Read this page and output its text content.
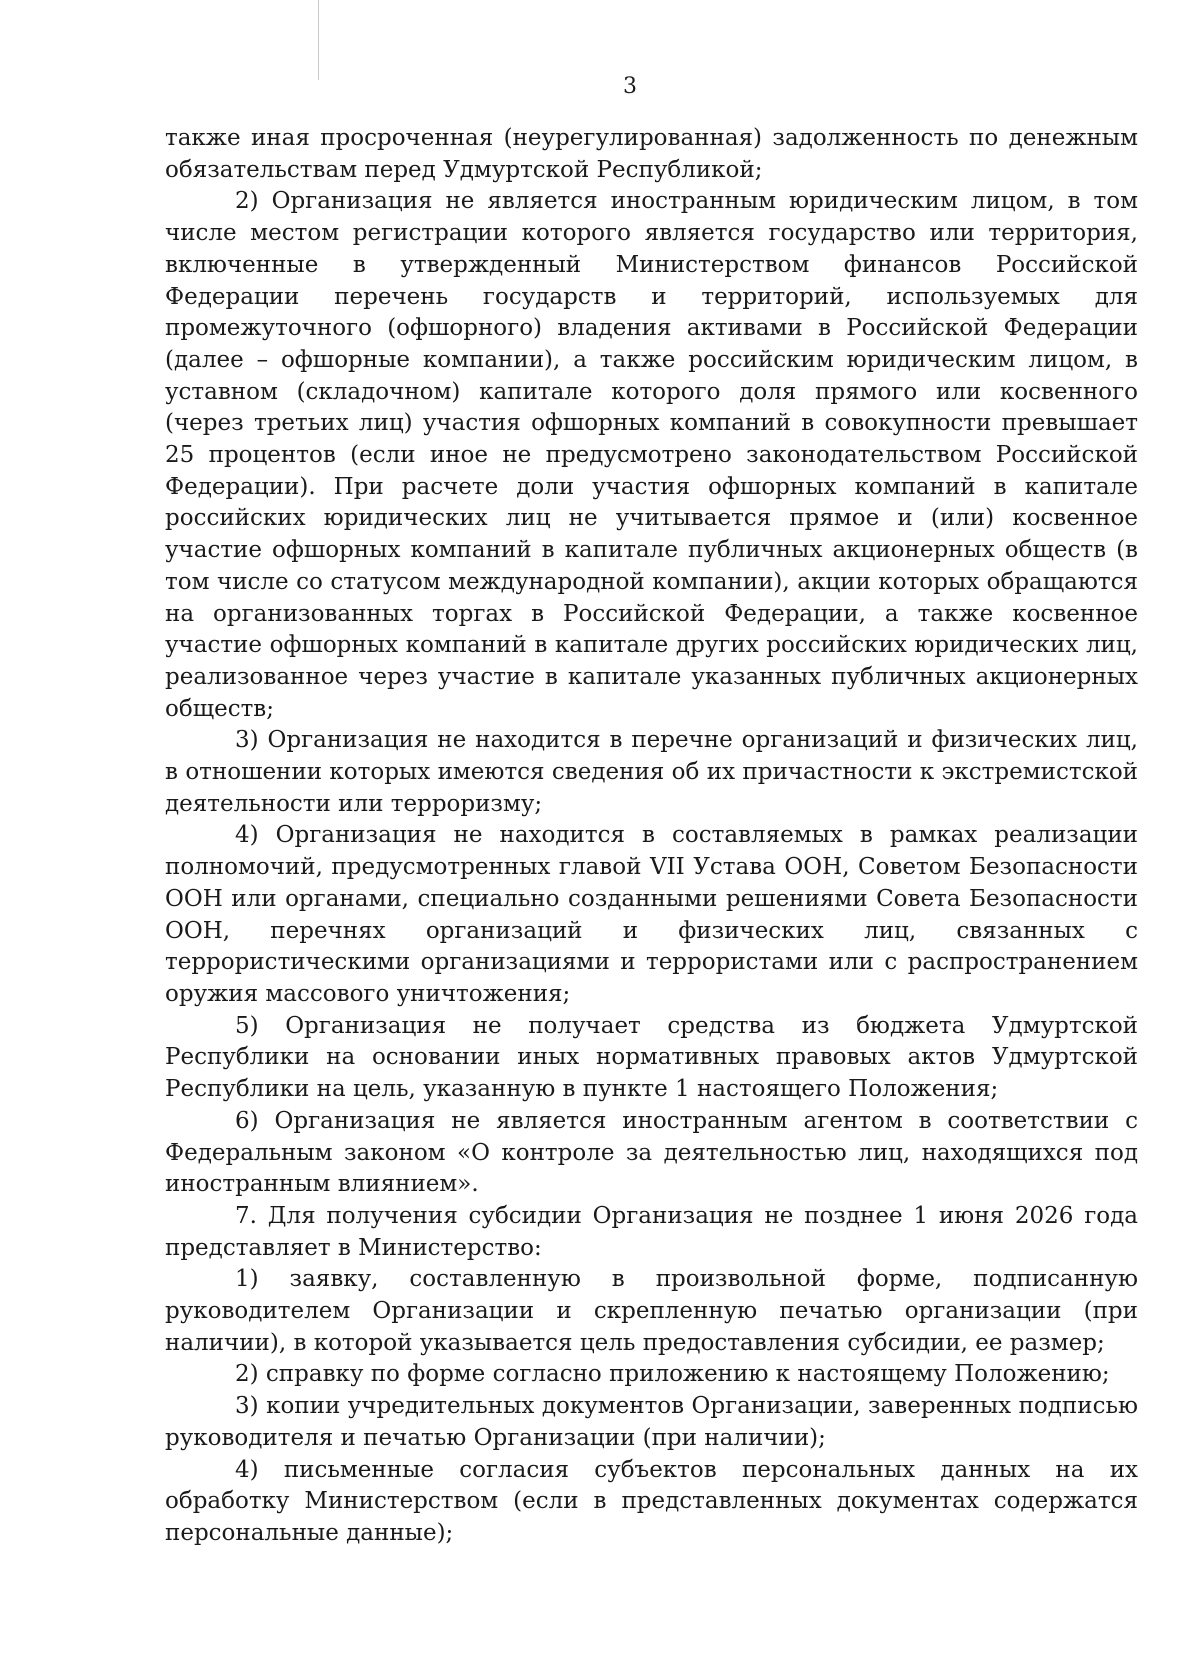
3

также иная просроченная (неурегулированная) задолженность по денежным обязательствам перед Удмуртской Республикой;

2) Организация не является иностранным юридическим лицом, в том числе местом регистрации которого является государство или территория, включенные в утвержденный Министерством финансов Российской Федерации перечень государств и территорий, используемых для промежуточного (офшорного) владения активами в Российской Федерации (далее – офшорные компании), а также российским юридическим лицом, в уставном (складочном) капитале которого доля прямого или косвенного (через третьих лиц) участия офшорных компаний в совокупности превышает 25 процентов (если иное не предусмотрено законодательством Российской Федерации). При расчете доли участия офшорных компаний в капитале российских юридических лиц не учитывается прямое и (или) косвенное участие офшорных компаний в капитале публичных акционерных обществ (в том числе со статусом международной компании), акции которых обращаются на организованных торгах в Российской Федерации, а также косвенное участие офшорных компаний в капитале других российских юридических лиц, реализованное через участие в капитале указанных публичных акционерных обществ;

3) Организация не находится в перечне организаций и физических лиц, в отношении которых имеются сведения об их причастности к экстремистской деятельности или терроризму;

4) Организация не находится в составляемых в рамках реализации полномочий, предусмотренных главой VII Устава ООН, Советом Безопасности ООН или органами, специально созданными решениями Совета Безопасности ООН, перечнях организаций и физических лиц, связанных с террористическими организациями и террористами или с распространением оружия массового уничтожения;

5) Организация не получает средства из бюджета Удмуртской Республики на основании иных нормативных правовых актов Удмуртской Республики на цель, указанную в пункте 1 настоящего Положения;

6) Организация не является иностранным агентом в соответствии с Федеральным законом «О контроле за деятельностью лиц, находящихся под иностранным влиянием».

7. Для получения субсидии Организация не позднее 1 июня 2026 года представляет в Министерство:

1) заявку, составленную в произвольной форме, подписанную руководителем Организации и скрепленную печатью организации (при наличии), в которой указывается цель предоставления субсидии, ее размер;

2) справку по форме согласно приложению к настоящему Положению;

3) копии учредительных документов Организации, заверенных подписью руководителя и печатью Организации (при наличии);

4) письменные согласия субъектов персональных данных на их обработку Министерством (если в представленных документах содержатся персональные данные);
